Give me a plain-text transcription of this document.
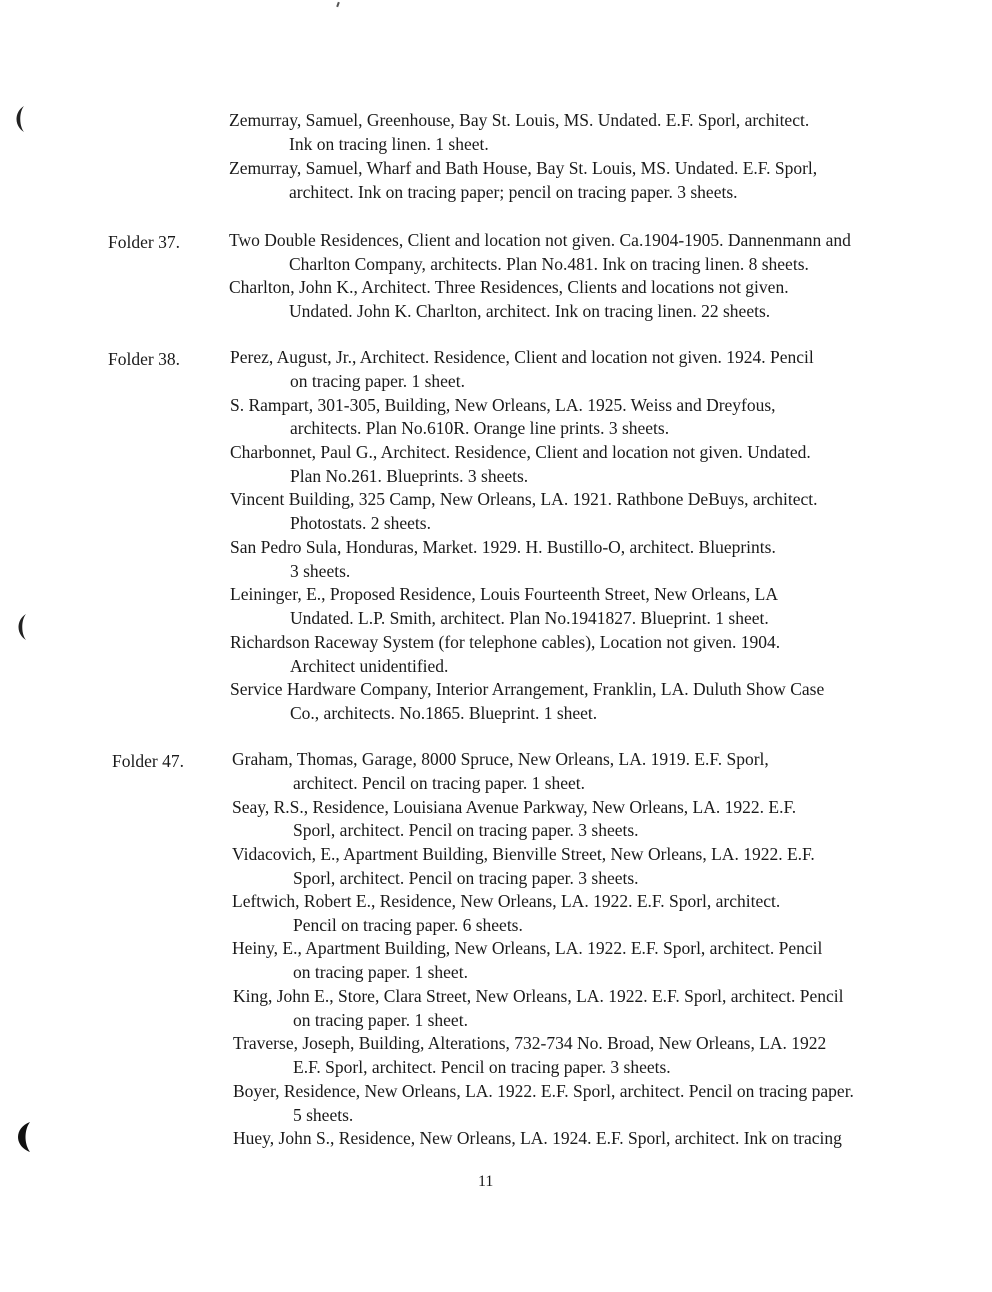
Zemurray, Samuel, Greenhouse, Bay St. Louis, MS. Undated. E.F. Sporl, architect.
Ink on tracing linen. 1 sheet.
Zemurray, Samuel, Wharf and Bath House, Bay St. Louis, MS. Undated. E.F. Sporl,
architect. Ink on tracing paper; pencil on tracing paper. 3 sheets.
Folder 37.	Two Double Residences, Client and location not given. Ca.1904-1905. Dannenmann and
Charlton Company, architects. Plan No.481. Ink on tracing linen. 8 sheets.
Charlton, John K., Architect. Three Residences, Clients and locations not given.
Undated. John K. Charlton, architect. Ink on tracing linen. 22 sheets.
Folder 38.	Perez, August, Jr., Architect. Residence, Client and location not given. 1924. Pencil
on tracing paper. 1 sheet.
S. Rampart, 301-305, Building, New Orleans, LA. 1925. Weiss and Dreyfous,
architects. Plan No.610R. Orange line prints. 3 sheets.
Charbonnet, Paul G., Architect. Residence, Client and location not given. Undated.
Plan No.261. Blueprints. 3 sheets.
Vincent Building, 325 Camp, New Orleans, LA. 1921. Rathbone DeBuys, architect.
Photostats. 2 sheets.
San Pedro Sula, Honduras, Market. 1929. H. Bustillo-O, architect. Blueprints.
3 sheets.
Leininger, E., Proposed Residence, Louis Fourteenth Street, New Orleans, LA
Undated. L.P. Smith, architect. Plan No.1941827. Blueprint. 1 sheet.
Richardson Raceway System (for telephone cables), Location not given. 1904.
Architect unidentified.
Service Hardware Company, Interior Arrangement, Franklin, LA. Duluth Show Case
Co., architects. No.1865. Blueprint. 1 sheet.
Folder 47.	Graham, Thomas, Garage, 8000 Spruce, New Orleans, LA. 1919. E.F. Sporl,
architect. Pencil on tracing paper. 1 sheet.
Seay, R.S., Residence, Louisiana Avenue Parkway, New Orleans, LA. 1922. E.F.
Sporl, architect. Pencil on tracing paper. 3 sheets.
Vidacovich, E., Apartment Building, Bienville Street, New Orleans, LA. 1922. E.F.
Sporl, architect. Pencil on tracing paper. 3 sheets.
Leftwich, Robert E., Residence, New Orleans, LA. 1922. E.F. Sporl, architect.
Pencil on tracing paper. 6 sheets.
Heiny, E., Apartment Building, New Orleans, LA. 1922. E.F. Sporl, architect. Pencil
on tracing paper. 1 sheet.
King, John E., Store, Clara Street, New Orleans, LA. 1922. E.F. Sporl, architect. Pencil
on tracing paper. 1 sheet.
Traverse, Joseph, Building, Alterations, 732-734 No. Broad, New Orleans, LA. 1922
E.F. Sporl, architect. Pencil on tracing paper. 3 sheets.
Boyer, Residence, New Orleans, LA. 1922. E.F. Sporl, architect. Pencil on tracing paper.
5 sheets.
Huey, John S., Residence, New Orleans, LA. 1924. E.F. Sporl, architect. Ink on tracing
11
